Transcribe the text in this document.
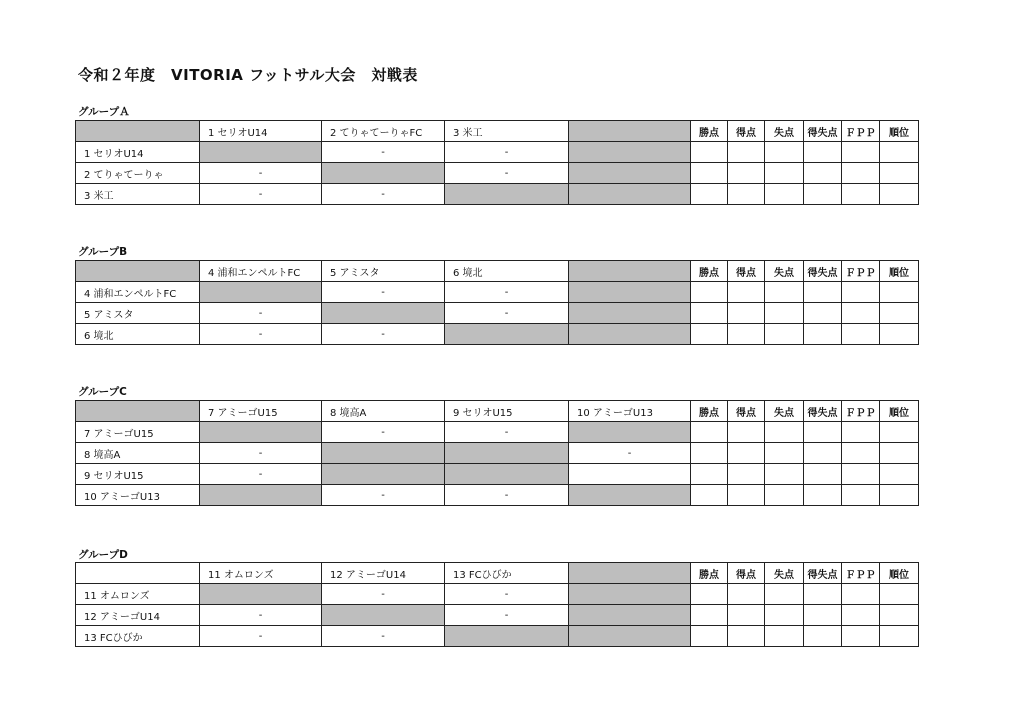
令和２年度　VITORIA フットサル大会　対戦表
グループＡ
	1 セリオU14	2 てりゃてーりゃFC	3 米工		勝点	得点	失点	得失点	ＦＰＰ	順位
1 セリオU14		-	-							
2 てりゃてーりゃ	-		-							
3 米工	-	-								
グループB
	4 浦和エンペルトFC	5 アミスタ	6 境北		勝点	得点	失点	得失点	ＦＰＰ	順位
4 浦和エンペルトFC		-	-							
5 アミスタ	-		-							
6 境北	-	-								
グループC
	7 アミーゴU15	8 境高A	9 セリオU15	10 アミーゴU13	勝点	得点	失点	得失点	ＦＰＰ	順位
7 アミーゴU15		-	-							
8 境高A	-			-						
9 セリオU15	-									
10 アミーゴU13		-	-							
グループD
	11 オムロンズ	12 アミーゴU14	13 FCひびか		勝点	得点	失点	得失点	ＦＰＰ	順位
11 オムロンズ		-	-							
12 アミーゴU14	-		-							
13 FCひびか	-	-								
